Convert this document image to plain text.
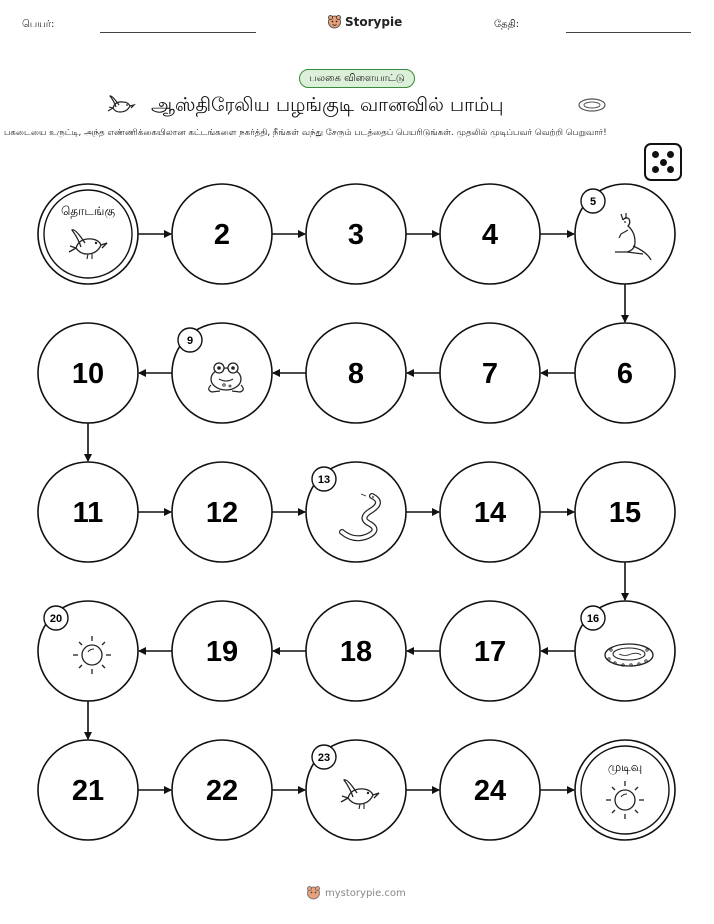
பெயர்:	Storypie	தேதி:
பலகை விளையாட்டு
ஆஸ்திரேலிய பழங்குடி வானவில் பாம்பு
பகடையை உருட்டி, அந்த எண்ணிக்கையிலான கட்டங்களை நகர்த்தி, நீங்கள் வந்து சேரும் படத்தைப் பெயரிடுங்கள். முதலில் முடிப்பவர் வெற்றி பெறுவார்!
தொடங்கு
2	3	4
5
6
7
8
9
10
11	12
13
14	15
16
17
18
19
20
21	22
23
24
முடிவு
mystorypie.com
